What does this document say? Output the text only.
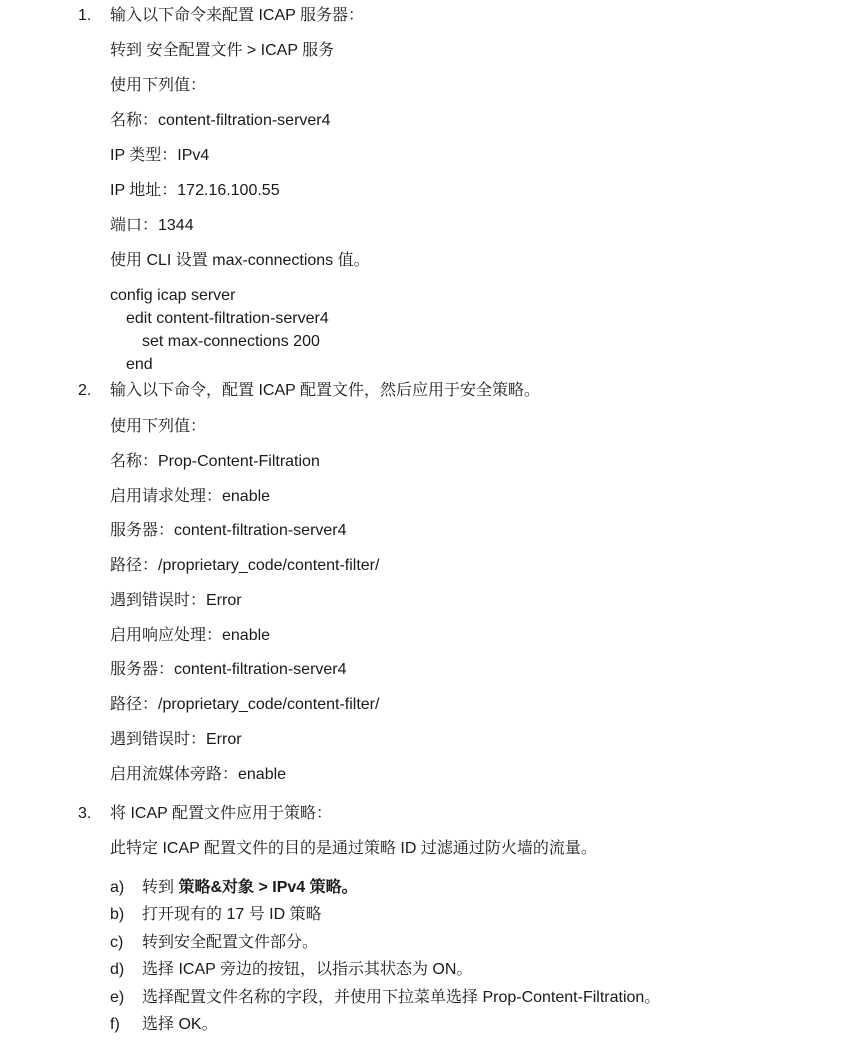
1. 输入以下命令来配置 ICAP 服务器：
转到 安全配置文件 > ICAP 服务
使用下列值：
名称：content-filtration-server4
IP 类型：IPv4
IP 地址：172.16.100.55
端口：1344
使用 CLI 设置 max-connections 值。
config icap server
edit content-filtration-server4
set max-connections 200
end
2. 输入以下命令，配置 ICAP 配置文件，然后应用于安全策略。
使用下列值：
名称：Prop-Content-Filtration
启用请求处理：enable
服务器：content-filtration-server4
路径：/proprietary_code/content-filter/
遇到错误时：Error
启用响应处理：enable
服务器：content-filtration-server4
路径：/proprietary_code/content-filter/
遇到错误时：Error
启用流媒体旁路：enable
3. 将 ICAP 配置文件应用于策略：
此特定 ICAP 配置文件的目的是通过策略 ID 过滤通过防火墙的流量。
a) 转到 策略&对象 > IPv4 策略。
b) 打开现有的 17 号 ID 策略
c) 转到安全配置文件部分。
d) 选择 ICAP 旁边的按钮，以指示其状态为 ON。
e) 选择配置文件名称的字段，并使用下拉菜单选择 Prop-Content-Filtration。
f) 选择 OK。
